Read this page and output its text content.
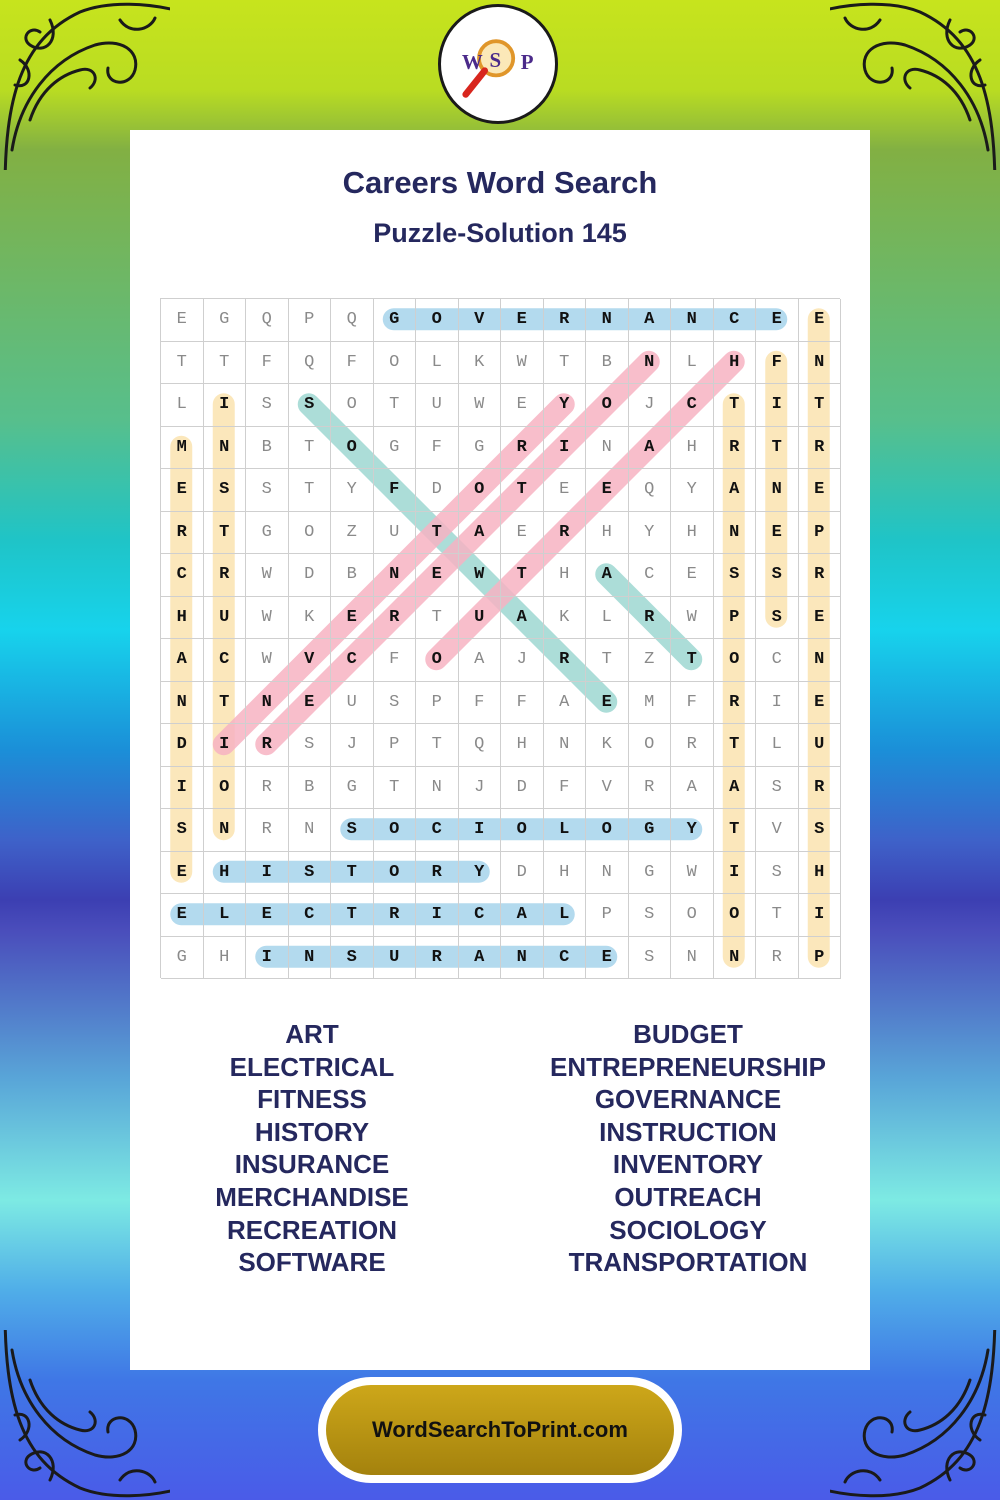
W S P
Careers Word Search
Puzzle-Solution 145
E	G	Q	P	Q	G	O	V	E	R	N	A	N	C	E	E
T	T	F	Q	F	O	L	K	W	T	B	N	L	H	F	N
L	I	S	S	O	T	U	W	E	Y	O	J	C	T	I	T
M	N	B	T	O	G	F	G	R	I	N	A	H	R	T	R
E	S	S	T	Y	F	D	O	T	E	E	Q	Y	A	N	E
R	T	G	O	Z	U	T	A	E	R	H	Y	H	N	E	P
C	R	W	D	B	N	E	W	T	H	A	C	E	S	S	R
H	U	W	K	E	R	T	U	A	K	L	R	W	P	S	E
A	C	W	V	C	F	O	A	J	R	T	Z	T	O	C	N
N	T	N	E	U	S	P	F	F	A	E	M	F	R	I	E
D	I	R	S	J	P	T	Q	H	N	K	O	R	T	L	U
I	O	R	B	G	T	N	J	D	F	V	R	A	A	S	R
S	N	R	N	S	O	C	I	O	L	O	G	Y	T	V	S
E	H	I	S	T	O	R	Y	D	H	N	G	W	I	S	H
E	L	E	C	T	R	I	C	A	L	P	S	O	O	T	I
G	H	I	N	S	U	R	A	N	C	E	S	N	N	R	P
ART
ELECTRICAL
FITNESS
HISTORY
INSURANCE
MERCHANDISE
RECREATION
SOFTWARE
BUDGET
ENTREPRENEURSHIP
GOVERNANCE
INSTRUCTION
INVENTORY
OUTREACH
SOCIOLOGY
TRANSPORTATION
WordSearchToPrint.com
